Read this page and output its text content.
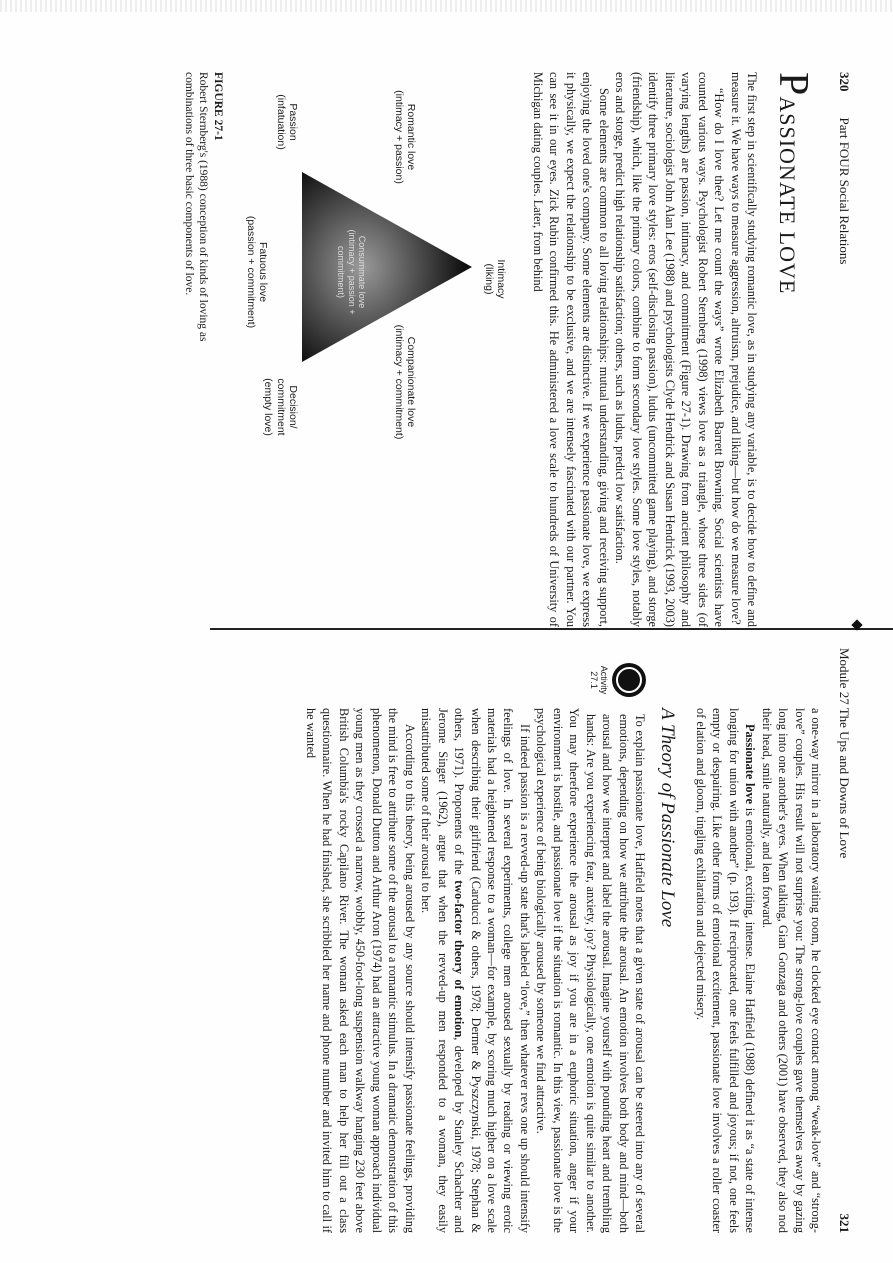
320
Part FOUR Social Relations
PASSIONATE LOVE

The first step in scientifically studying romantic love, as in studying any variable, is to decide how to define and measure it. We have ways to measure aggression, altruism, prejudice, and liking—but how do we measure love?

“How do I love thee? Let me count the ways” wrote Elizabeth Barrett Browning. Social scientists have counted various ways. Psychologist Robert Sternberg (1998) views love as a triangle, whose three sides (of varying lengths) are passion, intimacy, and commitment (Figure 27-1). Drawing from ancient philosophy and literature, sociologist John Alan Lee (1988) and psychologists Clyde Hendrick and Susan Hendrick (1993, 2003) identify three primary love styles: eros (self-disclosing passion), ludus (uncommitted game playing), and storge (friendship), which, like the primary colors, combine to form secondary love styles. Some love styles, notably eros and storge, predict high relationship satisfaction; others, such as ludus, predict low satisfaction.

Some elements are common to all loving relationships: mutual understanding, giving and receiving support, enjoying the loved one's company. Some elements are distinctive. If we experience passionate love, we express it physically, we expect the relationship to be exclusive, and we are intensely fascinated with our partner. You can see it in our eyes. Zick Rubin confirmed this. He administered a love scale to hundreds of University of Michigan dating couples. Later, from behind

Intimacy
(liking)
Romantic love
(intimacy + passion)
Companionate love
(intimacy + commitment)
Passion
(infatuation)
Fatuous love
(passion + commitment)
Decision/
commitment
(empty love)
Consummate love
(intimacy + passion + commitment)
FIGURE 27-1
Robert Sternberg's (1988) conception of kinds of loving as combinations of three basic components of love.
Module 27 The Ups and Downs of Love
321

a one-way mirror in a laboratory waiting room, he clocked eye contact among “weak-love” and “strong-love” couples. His result will not surprise you: The strong-love couples gave themselves away by gazing long into one another's eyes. When talking, Gian Gonzaga and others (2001) have observed, they also nod their head, smile naturally, and lean forward.

Passionate love is emotional, exciting, intense. Elaine Hatfield (1988) defined it as “a state of intense longing for union with another” (p. 193). If reciprocated, one feels fulfilled and joyous; if not, one feels empty or despairing. Like other forms of emotional excitement, passionate love involves a roller coaster of elation and gloom, tingling exhilaration and dejected misery.

A Theory of Passionate Love
Activity
27.1

To explain passionate love, Hatfield notes that a given state of arousal can be steered into any of several emotions, depending on how we attribute the arousal. An emotion involves both body and mind—both arousal and how we interpret and label the arousal. Imagine yourself with pounding heart and trembling hands: Are you experiencing fear, anxiety, joy? Physiologically, one emotion is quite similar to another. You may therefore experience the arousal as joy if you are in a euphoric situation, anger if your environment is hostile, and passionate love if the situation is romantic. In this view, passionate love is the psychological experience of being biologically aroused by someone we find attractive.

If indeed passion is a revved-up state that's labeled “love,” then whatever revs one up should intensify feelings of love. In several experiments, college men aroused sexually by reading or viewing erotic materials had a heightened response to a woman—for example, by scoring much higher on a love scale when describing their girlfriend (Carducci & others, 1978; Dermer & Pyszczynski, 1978; Stephan & others, 1971). Proponents of the two-factor theory of emotion, developed by Stanley Schachter and Jerome Singer (1962), argue that when the revved-up men responded to a woman, they easily misattributed some of their arousal to her.

According to this theory, being aroused by any source should intensify passionate feelings, providing the mind is free to attribute some of the arousal to a romantic stimulus. In a dramatic demonstration of this phenomenon, Donald Dutton and Arthur Aron (1974) had an attractive young woman approach individual young men as they crossed a narrow, wobbly, 450-foot-long suspension walkway hanging 230 feet above British Columbia's rocky Capilano River. The woman asked each man to help her fill out a class questionnaire. When he had finished, she scribbled her name and phone number and invited him to call if he wanted
